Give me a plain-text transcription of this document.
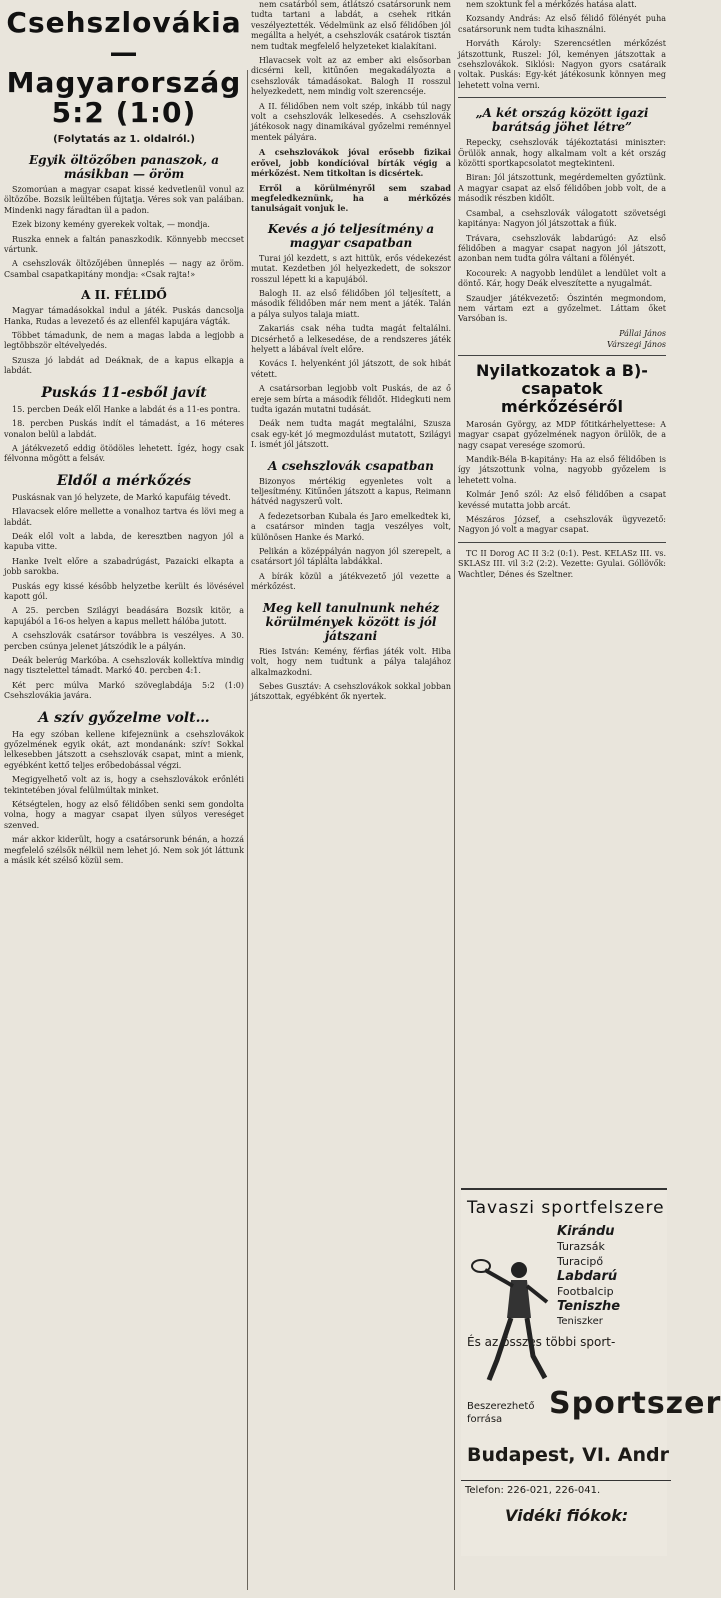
Csehszlovákia—
Magyarország 5:2 (1:0)
(Folytatás az 1. oldalról.)
Egyik öltözőben panaszok, a másikban — öröm

Szomorúan a magyar csapat kissé kedvetlenül vonul az öltözőbe. Bozsik leültében fújtatja. Véres sok van paláiban. Mindenki nagy fáradtan ül a padon.

Ezek bizony kemény gyerekek voltak, — mondja.

Ruszka ennek a faltán panaszkodik. Könnyebb meccset vártunk.

A csehszlovák öltözőjében ünneplés — nagy az öröm. Csambal csapatkapitány mondja: «Csak rajta!»

A II. FÉLIDŐ

Magyar támadásokkal indul a játék. Puskás dancsolja Hanka, Rudas a levezető és az ellenfél kapujára vágták.

Többet támadunk, de nem a magas labda a legjobb a legtöbbször eltévelyedés.

Szusza jó labdát ad Deáknak, de a kapus elkapja a labdát.

Puskás 11-esből javít

15. percben Deák elől Hanke a labdát és a 11-es pontra.

18. percben Puskás indít el támadást, a 16 méteres vonalon belül a labdát.

A játékvezető eddig ötödöles lehetett. Ígéz, hogy csak félvonna mögött a felsáv.

Eldől a mérkőzés

Puskásnak van jó helyzete, de Markó kapufáig tévedt.

Hlavacsek előre mellette a vonalhoz tartva és lövi meg a labdát.

Deák elől volt a labda, de keresztben nagyon jól a kapuba vitte.

Hanke Ivelt előre a szabadrúgást, Pazaicki elkapta a jobb sarokba.

Puskás egy kissé később helyzetbe került és lövésével kapott gól.

A 25. percben Szilágyi beadására Bozsik kitör, a kapujából a 16-os helyen a kapus mellett hálóba jutott.

A csehszlovák csatársor továbbra is veszélyes. A 30. percben csúnya jelenet játszódik le a pályán.

Deák belerúg Markóba. A csehszlovák kollektíva mindig nagy tisztelettel támadt. Markó 40. percben 4:1.

Két perc múlva Markó szöveglabdája 5:2 (1:0) Csehszlovákia javára.

A szív győzelme volt…

Ha egy szóban kellene kifejeznünk a csehszlovákok győzelmének egyik okát, azt mondanánk: szív! Sokkal lelkesebben játszott a csehszlovák csapat, mint a mienk, egyébként kettő teljes erőbedobással végzi.

Megigyelhető volt az is, hogy a csehszlovákok erőnléti tekintetében jóval felülmúltak minket.

Kétségtelen, hogy az első félidőben senki sem gondolta volna, hogy a magyar csapat ilyen súlyos vereséget szenved.

már akkor kiderült, hogy a csatársorunk bénán, a hozzá megfelelő szélsők nélkül nem lehet jó. Nem sok jót láttunk a másik két szélső közül sem.

nem csatárból sem, átlátszó csatársorunk nem tudta tartani a labdát, a csehek ritkán veszélyeztették. Védelmünk az első félidőben jól megállta a helyét, a csehszlovák csatárok tisztán nem tudtak megfelelő helyzeteket kialakítani.

Hlavacsek volt az az ember aki elsősorban dicsérni kell, kitűnően megakadályozta a csehszlovák támadásokat. Balogh II rosszul helyezkedett, nem mindig volt szerencséje.

A II. félidőben nem volt szép, inkább túl nagy volt a csehszlovák lelkesedés. A csehszlovák játékosok nagy dinamikával győzelmi reménnyel mentek pályára.

A csehszlovákok jóval erősebb fizikai erővel, jobb kondícióval bírták végig a mérkőzést. Nem titkoltan is dicsértek.

Erről a körülményről sem szabad megfeledkeznünk, ha a mérkőzés tanulságait vonjuk le.

Kevés a jó teljesítmény a magyar csapatban

Turai jól kezdett, s azt hittük, erős védekezést mutat. Kezdetben jól helyezkedett, de sokszor rosszul lépett ki a kapujából.

Balogh II. az első félidőben jól teljesített, a második félidőben már nem ment a játék. Talán a pálya sulyos talaja miatt.

Zakariás csak néha tudta magát feltalálni. Dicsérhető a lelkesedése, de a rendszeres játék helyett a lábával ívelt előre.

Kovács I. helyenként jól játszott, de sok hibát vétett.

A csatársorban legjobb volt Puskás, de az ő ereje sem bírta a második félidőt. Hidegkuti nem tudta igazán mutatni tudását.

Deák nem tudta magát megtalálni, Szusza csak egy-két jó megmozdulást mutatott, Szilágyi I. ismét jól játszott.

A csehszlovák csapatban

Bizonyos mértékig egyenletes volt a teljesítmény. Kitűnően játszott a kapus, Reimann hátvéd nagyszerű volt.

A fedezetsorban Kubala és Jaro emelkedtek ki, a csatársor minden tagja veszélyes volt, különösen Hanke és Markó.

Pelikán a középpályán nagyon jól szerepelt, a csatársort jól táplálta labdákkal.

A bírák közül a játékvezető jól vezette a mérkőzést.

Meg kell tanulnunk nehéz körülmények között is jól játszani

Ries István: Kemény, férfias játék volt. Hiba volt, hogy nem tudtunk a pálya talajához alkalmazkodni.

Sebes Gusztáv: A csehszlovákok sokkal jobban játszottak, egyébként ők nyertek.

nem szoktunk fel a mérkőzés hatása alatt.

Kozsandy András: Az első félidő fölényét puha csatársorunk nem tudta kihasználni.

Horváth Károly: Szerencsétlen mérkőzést játszottunk, Ruszel: Jól, keményen játszottak a csehszlovákok. Siklósi: Nagyon gyors csatáraik voltak. Puskás: Egy-két játékosunk könnyen meg lehetett volna verni.

„A két ország között igazi barátság jöhet létre”

Repecky, csehszlovák tájékoztatási miniszter: Örülök annak, hogy alkalmam volt a két ország közötti sportkapcsolatot megtekinteni.

Biran: Jól játszottunk, megérdemelten győztünk. A magyar csapat az első félidőben jobb volt, de a második részben kidőlt.

Csambal, a csehszlovák válogatott szövetségi kapitánya: Nagyon jól játszottak a fiúk.

Trávara, csehszlovák labdarúgó: Az első félidőben a magyar csapat nagyon jól játszott, azonban nem tudta gólra váltani a fölényét.

Kocourek: A nagyobb lendület a lendület volt a döntő. Kár, hogy Deák elveszítette a nyugalmát.

Szaudjer játékvezető: Ószintén megmondom, nem vártam ezt a győzelmet. Láttam őket Varsóban is.

Pállai János
Várszegi János
Nyilatkozatok a B)-csapatok mérkőzéséről

Marosán György, az MDP főtitkárhelyettese: A magyar csapat győzelmének nagyon örülök, de a nagy csapat veresége szomorú.

Mandik-Béla B-kapitány: Ha az első félidőben is így játszottunk volna, nagyobb győzelem is lehetett volna.

Kolmár Jenő szól: Az első félidőben a csapat kevéssé mutatta jobb arcát.

Mészáros József, a csehszlovák ügyvezető: Nagyon jó volt a magyar csapat.

TC II Dorog AC II 3:2 (0:1). Pest. KELASz III. vs. SKLASz III. vil 3:2 (2:2). Vezette: Gyulai. Góllövők: Wachtler, Dénes és Szeltner.

Tavaszi sportfelszere
Kirándu
Turazsák
Turacipő
Labdarú
Footbalcip
Teniszhe
Teniszker
És az összes többi sport-
Beszerezhető
forrása	Sportszer
Budapest, VI. Andr
Telefon: 226-021, 226-041.
Vidéki fiókok:
